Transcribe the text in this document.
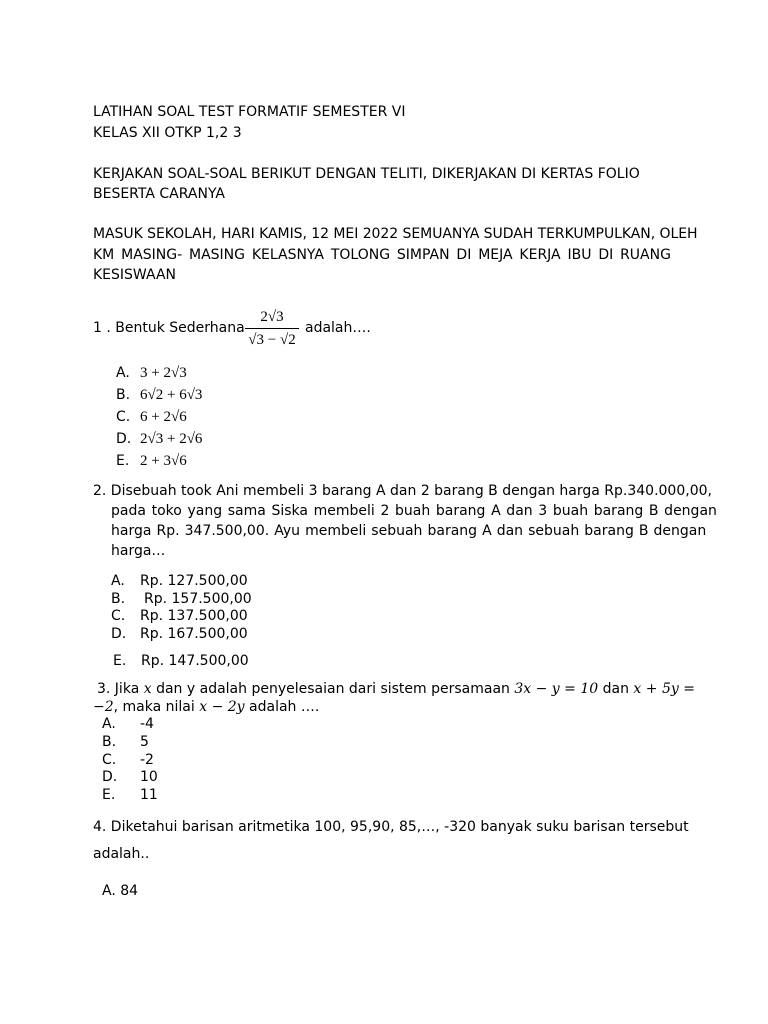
LATIHAN SOAL TEST FORMATIF SEMESTER VI
KELAS XII OTKP 1,2 3
KERJAKAN SOAL-SOAL BERIKUT DENGAN TELITI, DIKERJAKAN DI KERTAS FOLIO
BESERTA CARANYA
MASUK SEKOLAH, HARI KAMIS, 12 MEI 2022 SEMUANYA SUDAH TERKUMPULKAN, OLEH
KM MASING- MASING KELASNYA TOLONG SIMPAN DI MEJA KERJA IBU DI RUANG
KESISWAAN
1 . Bentuk Sederhana
2√3
√3 − √2
adalah….
A. 3 + 2√3
B. 6√2 + 6√3
C. 6 + 2√6
D. 2√3 + 2√6
E. 2 + 3√6
2. Disebuah took Ani membeli 3 barang A dan 2 barang B dengan harga Rp.340.000,00,
pada toko yang sama Siska membeli 2 buah barang A dan 3 buah barang B dengan
harga Rp. 347.500,00. Ayu membeli sebuah barang A dan sebuah barang B dengan
harga…
A. Rp. 127.500,00
B. Rp. 157.500,00
C. Rp. 137.500,00
D. Rp. 167.500,00
E. Rp. 147.500,00
3. Jika x dan y adalah penyelesaian dari sistem persamaan 3x − y = 10 dan x + 5y =
−2, maka nilai x − 2y adalah ….
A. -4
B. 5
C. -2
D. 10
E. 11
4. Diketahui barisan aritmetika 100, 95,90, 85,…, -320 banyak suku barisan tersebut
adalah..
A. 84
